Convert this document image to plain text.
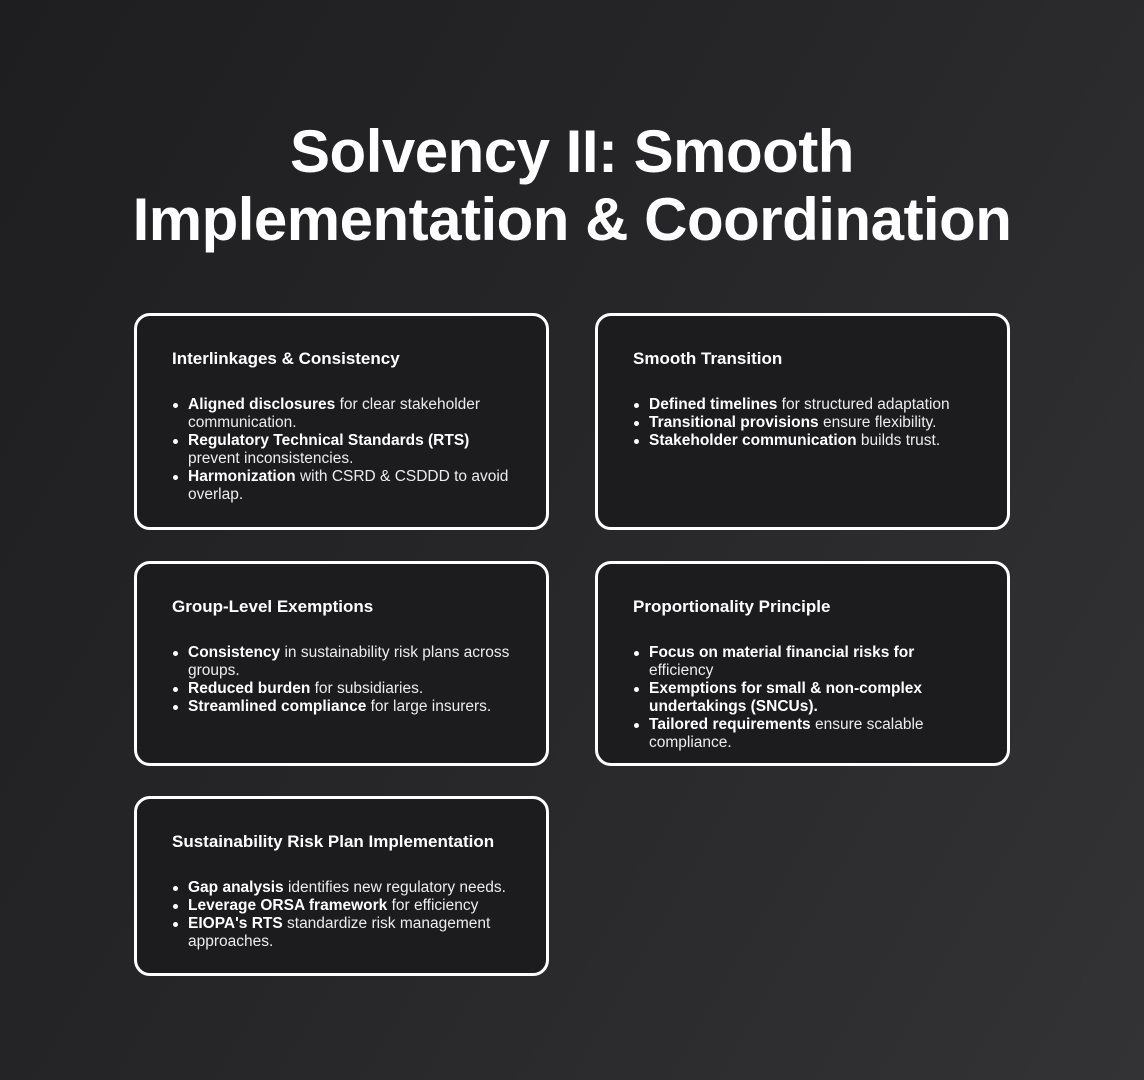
Solvency II: Smooth
Implementation & Coordination
Interlinkages & Consistency
Aligned disclosures for clear stakeholder communication.
Regulatory Technical Standards (RTS) prevent inconsistencies.
Harmonization with CSRD & CSDDD to avoid overlap.
Smooth Transition
Defined timelines for structured adaptation
Transitional provisions ensure flexibility.
Stakeholder communication builds trust.
Group-Level Exemptions
Consistency in sustainability risk plans across groups.
Reduced burden for subsidiaries.
Streamlined compliance for large insurers.
Proportionality Principle
Focus on material financial risks for efficiency
Exemptions for small & non-complex undertakings (SNCUs).
Tailored requirements ensure scalable compliance.
Sustainability Risk Plan Implementation
Gap analysis identifies new regulatory needs.
Leverage ORSA framework for efficiency
EIOPA's RTS standardize risk management approaches.
